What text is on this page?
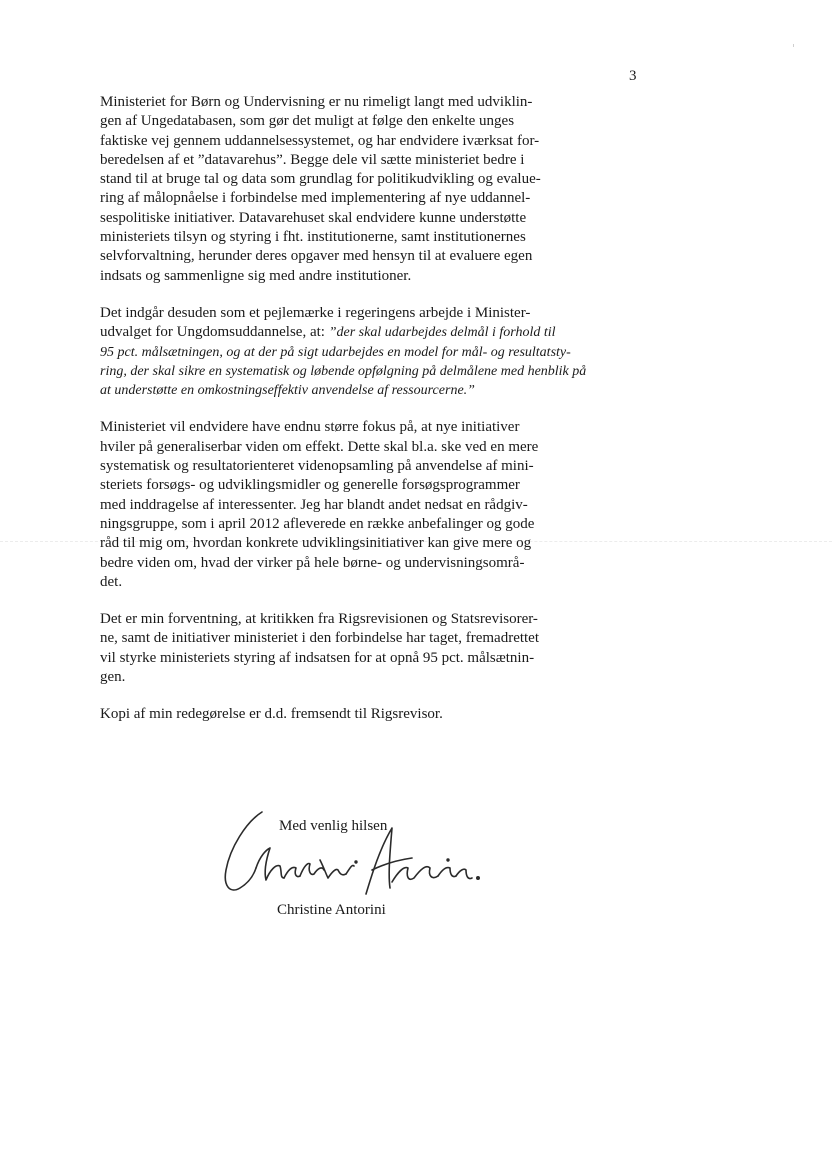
3
Ministeriet for Børn og Undervisning er nu rimeligt langt med udviklin-
gen af Ungedatabasen, som gør det muligt at følge den enkelte unges
faktiske vej gennem uddannelsessystemet, og har endvidere iværksat for-
beredelsen af et ”datavarehus”. Begge dele vil sætte ministeriet bedre i
stand til at bruge tal og data som grundlag for politikudvikling og evalue-
ring af målopnåelse i forbindelse med implementering af nye uddannel-
sespolitiske initiativer. Datavarehuset skal endvidere kunne understøtte
ministeriets tilsyn og styring i fht. institutionerne, samt institutionernes
selvforvaltning, herunder deres opgaver med hensyn til at evaluere egen
indsats og sammenligne sig med andre institutioner.
Det indgår desuden som et pejlemærke i regeringens arbejde i Minister-
udvalget for Ungdomsuddannelse, at: ”der skal udarbejdes delmål i forhold til
95 pct. målsætningen, og at der på sigt udarbejdes en model for mål- og resultatsty-
ring, der skal sikre en systematisk og løbende opfølgning på delmålene med henblik på
at understøtte en omkostningseffektiv anvendelse af ressourcerne.”
Ministeriet vil endvidere have endnu større fokus på, at nye initiativer
hviler på generaliserbar viden om effekt. Dette skal bl.a. ske ved en mere
systematisk og resultatorienteret videnopsamling på anvendelse af mini-
steriets forsøgs- og udviklingsmidler og generelle forsøgsprogrammer
med inddragelse af interessenter. Jeg har blandt andet nedsat en rådgiv-
ningsgruppe, som i april 2012 afleverede en række anbefalinger og gode
råd til mig om, hvordan konkrete udviklingsinitiativer kan give mere og
bedre viden om, hvad der virker på hele børne- og undervisningsområ-
det.
Det er min forventning, at kritikken fra Rigsrevisionen og Statsrevisorer-
ne, samt de initiativer ministeriet i den forbindelse har taget, fremadrettet
vil styrke ministeriets styring af indsatsen for at opnå 95 pct. målsætnin-
gen.
Kopi af min redegørelse er d.d. fremsendt til Rigsrevisor.
Med venlig hilsen
Christine Antorini
